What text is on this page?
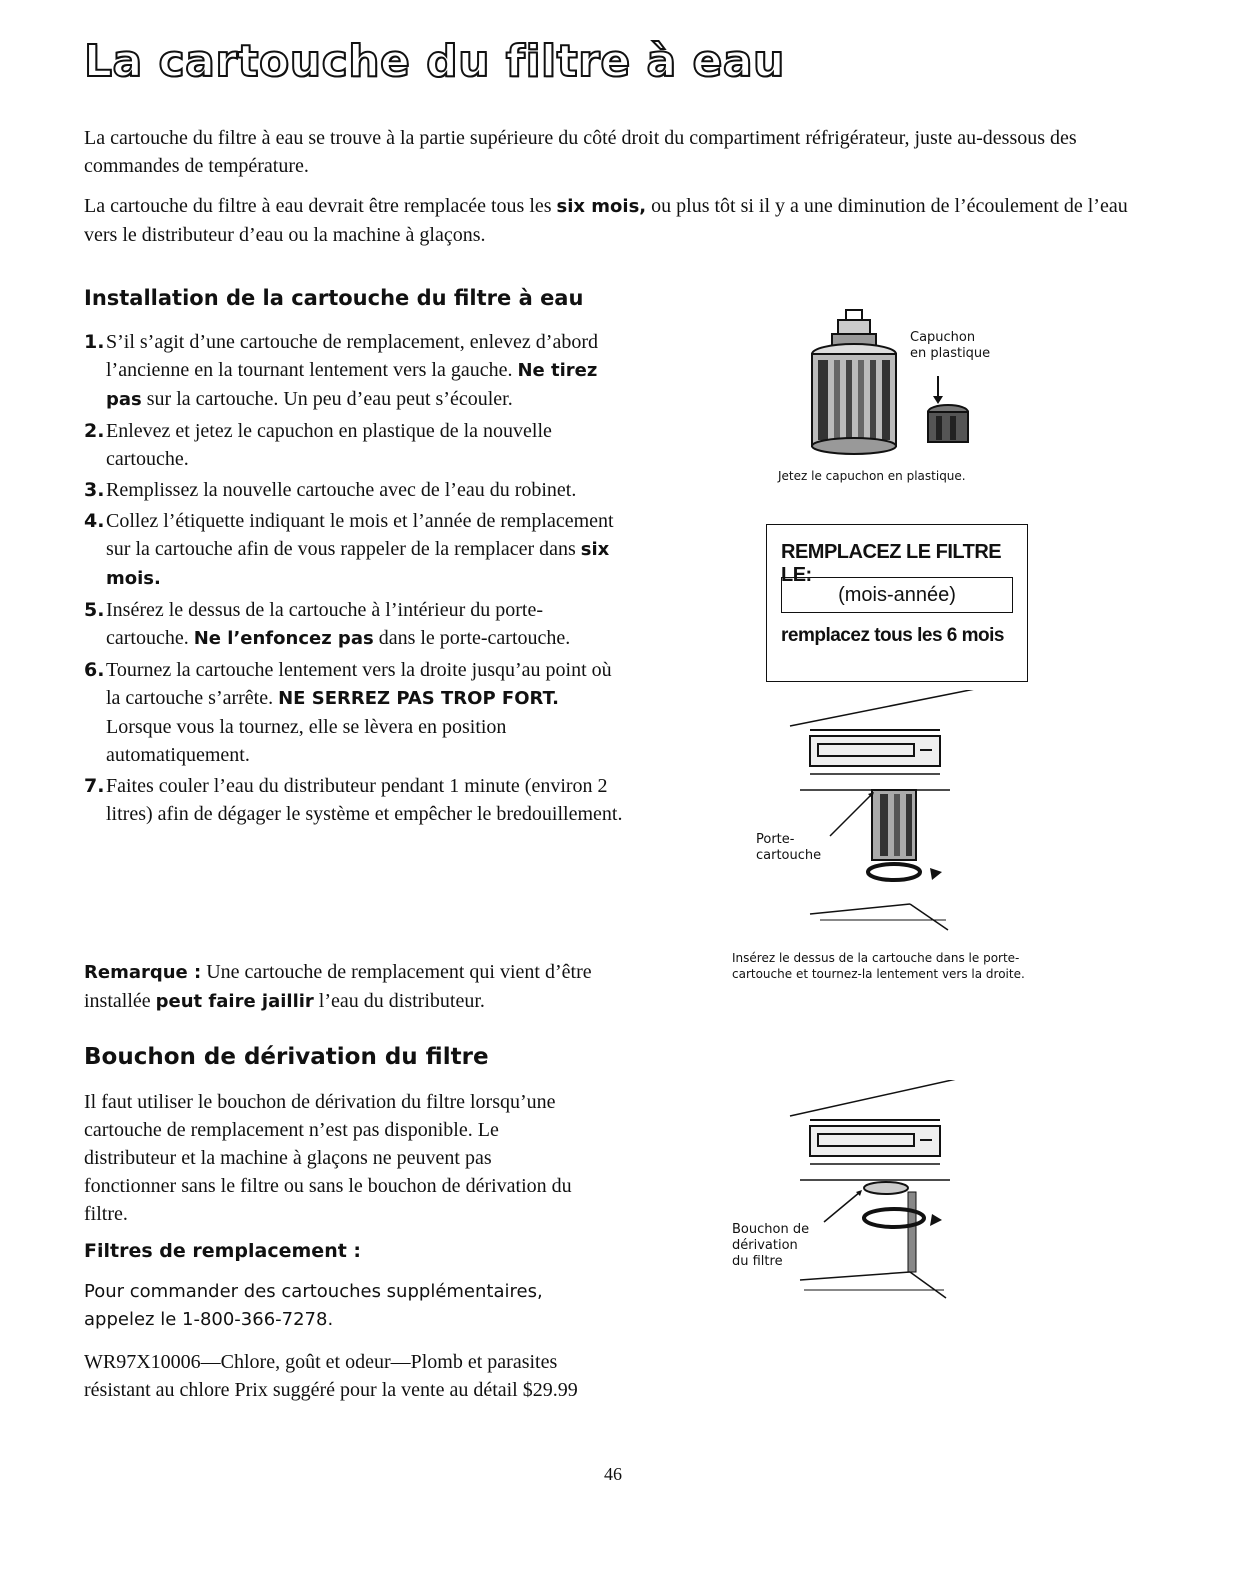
La cartouche du filtre à eau
La cartouche du filtre à eau se trouve à la partie supérieure du côté droit du compartiment réfrigérateur, juste au-dessous des commandes de température.
La cartouche du filtre à eau devrait être remplacée tous les six mois, ou plus tôt si il y a une diminution de l’écoulement de l’eau vers le distributeur d’eau ou la machine à glaçons.
Installation de la cartouche du filtre à eau
1. S’il s’agit d’une cartouche de remplacement, enlevez d’abord l’ancienne en la tournant lentement vers la gauche. Ne tirez pas sur la cartouche. Un peu d’eau peut s’écouler.
2. Enlevez et jetez le capuchon en plastique de la nouvelle cartouche.
3. Remplissez la nouvelle cartouche avec de l’eau du robinet.
4. Collez l’étiquette indiquant le mois et l’année de remplacement sur la cartouche afin de vous rappeler de la remplacer dans six mois.
5. Insérez le dessus de la cartouche à l’intérieur du porte-cartouche. Ne l’enfoncez pas dans le porte-cartouche.
6. Tournez la cartouche lentement vers la droite jusqu’au point où la cartouche s’arrête. NE SERREZ PAS TROP FORT. Lorsque vous la tournez, elle se lèvera en position automatiquement.
7. Faites couler l’eau du distributeur pendant 1 minute (environ 2 litres) afin de dégager le système et empêcher le bredouillement.
Remarque : Une cartouche de remplacement qui vient d’être installée peut faire jaillir l’eau du distributeur.
Capuchon
en plastique
Jetez le capuchon en plastique.
REMPLACEZ LE FILTRE LE:
(mois-année)
remplacez tous les 6 mois
Porte-
cartouche
Insérez le dessus de la cartouche dans le porte-
cartouche et tournez-la lentement vers la droite.
Bouchon de dérivation du filtre
Il faut utiliser le bouchon de dérivation du filtre lorsqu’une cartouche de remplacement n’est pas disponible. Le distributeur et la machine à glaçons ne peuvent pas fonctionner sans le filtre ou sans le bouchon de dérivation du filtre.
Filtres de remplacement :
Pour commander des cartouches supplémentaires, appelez le 1-800-366-7278.
WR97X10006—Chlore, goût et odeur—Plomb et parasites résistant au chlore Prix suggéré pour la vente au détail $29.99
Bouchon de
dérivation
du filtre
46
